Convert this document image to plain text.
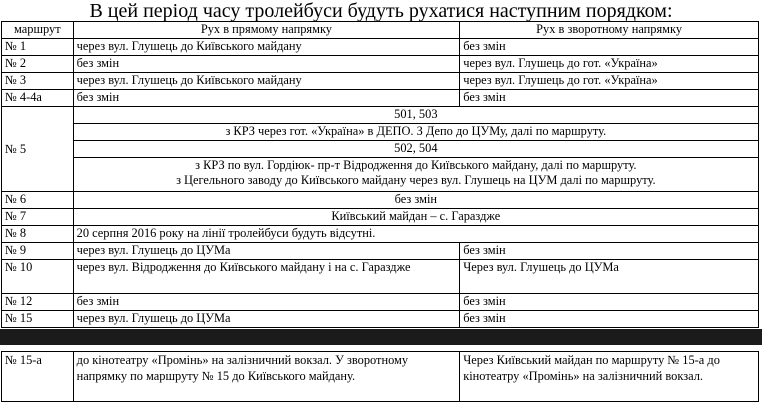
В цей період часу тролейбуси будуть рухатися наступним порядком:
маршрут	Рух в прямому напрямку	Рух в зворотному напрямку
№ 1	через вул. Глушець до Київського майдану	без змін
№ 2	без змін	через вул. Глушець до гот. «Україна»
№ 3	через вул. Глушець до Київського майдану	через вул. Глушець до гот. «Україна»
№ 4-4а	без змін	без змін
№ 5	501, 503	
	з КРЗ через гот. «Україна» в ДЕПО. З Депо до ЦУМу, далі по маршруту.	
	502, 504	

	з КРЗ по вул. Гордіюк- пр-т Відродження до Київського майдану, далі по маршруту.
з Цегельного заводу до Київського майдану через вул. Глушець на ЦУМ далі по маршруту.	

№ 6	без змін	
№ 7	Київський майдан – с. Гараздже	
№ 8	20 серпня 2016 року на лінії тролейбуси будуть відсутні.	
№ 9	через вул. Глушець до ЦУМа	без змін
№ 10	через вул. Відродження до Київського майдану і на с. Гараздже	Через вул. Глушець до ЦУМа
№ 12	без змін	без змін
№ 15	через вул. Глушець до ЦУМа	без змін
№ 15-а	до кінотеатру «Промінь» на залізничний вокзал. У зворотному напрямку по маршруту № 15 до Київського майдану.	Через Київський майдан по маршруту № 15-а до кінотеатру «Промінь» на залізничний вокзал.
